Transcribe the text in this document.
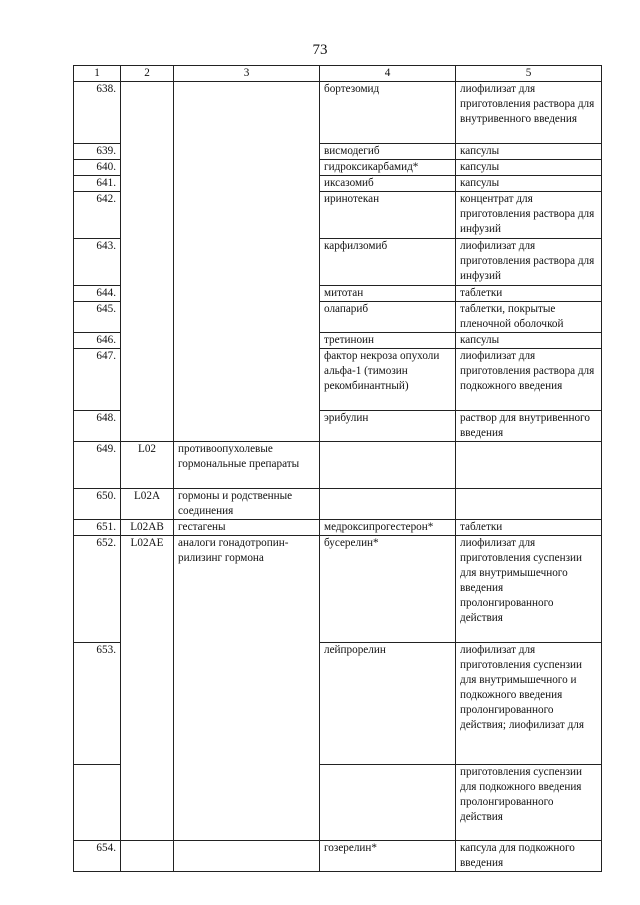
73
1	2	3	4	5
638.			бортезомид	лиофилизат для приготовления раствора для внутривенного введения
639.			висмодегиб	капсулы
640.			гидроксикарбамид*	капсулы
641.			иксазомиб	капсулы
642.			иринотекан	концентрат для приготовления раствора для инфузий
643.			карфилзомиб	лиофилизат для приготовления раствора для инфузий
644.			митотан	таблетки
645.			олапариб	таблетки, покрытые пленочной оболочкой
646.			третиноин	капсулы
647.			фактор некроза опухоли альфа-1 (тимозин рекомбинантный)	лиофилизат для приготовления раствора для подкожного введения
648.			эрибулин	раствор для внутривенного введения
649.	L02	противоопухолевые гормональные препараты		
650.	L02A	гормоны и родственные соединения		
651.	L02AB	гестагены	медроксипрогестерон*	таблетки
652.	L02AE	аналоги гонадотропин-рилизинг гормона	бусерелин*	лиофилизат для приготовления суспензии для внутримышечного введения пролонгированного действия
653.			лейпрорелин	лиофилизат для приготовления суспензии для внутримышечного и подкожного введения пролонгированного действия; лиофилизат для
				приготовления суспензии для подкожного введения пролонгированного действия
654.			гозерелин*	капсула для подкожного введения
